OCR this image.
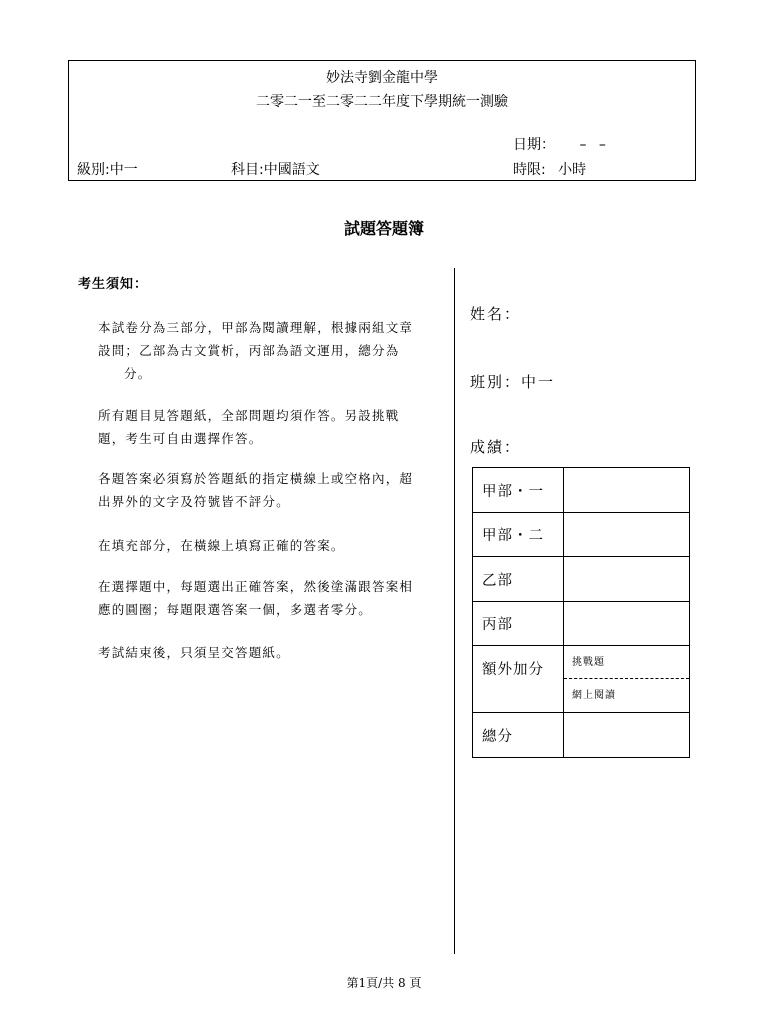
妙法寺劉金龍中學
二零二一至二零二二年度下學期統一測驗
日期： – –
級別:中一	科目:中國語文	時限: 小時
試題答題簿
考生須知：
本試卷分為三部分，甲部為閱讀理解，根據兩組文章
設問；乙部為古文賞析，丙部為語文運用，總分為
分。
所有題目見答題紙，全部問題均須作答。另設挑戰
題，考生可自由選擇作答。
各題答案必須寫於答題紙的指定橫線上或空格內，超
出界外的文字及符號皆不評分。
在填充部分，在橫線上填寫正確的答案。
在選擇題中，每題選出正確答案，然後塗滿跟答案相
應的圓圈；每題限選答案一個，多選者零分。
考試結束後，只須呈交答題紙。
姓名：
班別：中一
成績：
甲部・一	
甲部・二	
乙部	
丙部	
額外加分	挑戰題
網上閱讀

總分	
第1頁/共 8 頁
